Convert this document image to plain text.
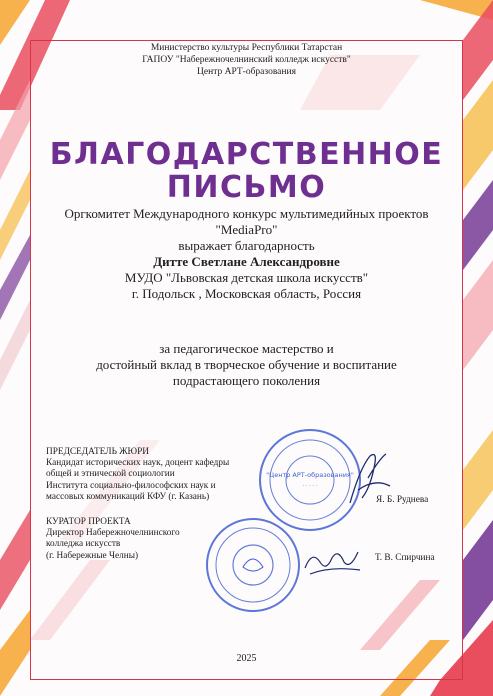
Министерство культуры Республики Татарстан
ГАПОУ "Набережночелнинский колледж искусств"
Центр АРТ-образования
БЛАГОДАРСТВЕННОЕ
ПИСЬМО
Оргкомитет Международного конкурс мультимедийных проектов
"MediaPro"
выражает благодарность
Дитте Светлане Александровне
МУДО "Львовская детская школа искусств"
г. Подольск , Московская область, Россия
за педагогическое мастерство и
достойный вклад в творческое обучение и воспитание
подрастающего поколения
"Центр АРТ-образования"
· · · · ·
ПРЕДСЕДАТЕЛЬ ЖЮРИ
Кандидат исторических наук, доцент кафедры
общей и этнической социологии
Института социально-философских наук и
массовых коммуникаций КФУ (г. Казань)	Я. Б. Руднева
КУРАТОР ПРОЕКТА
Директор Набережночелнинского
колледжа искусств
(г. Набережные Челны)	Т. В. Спирчина
2025
